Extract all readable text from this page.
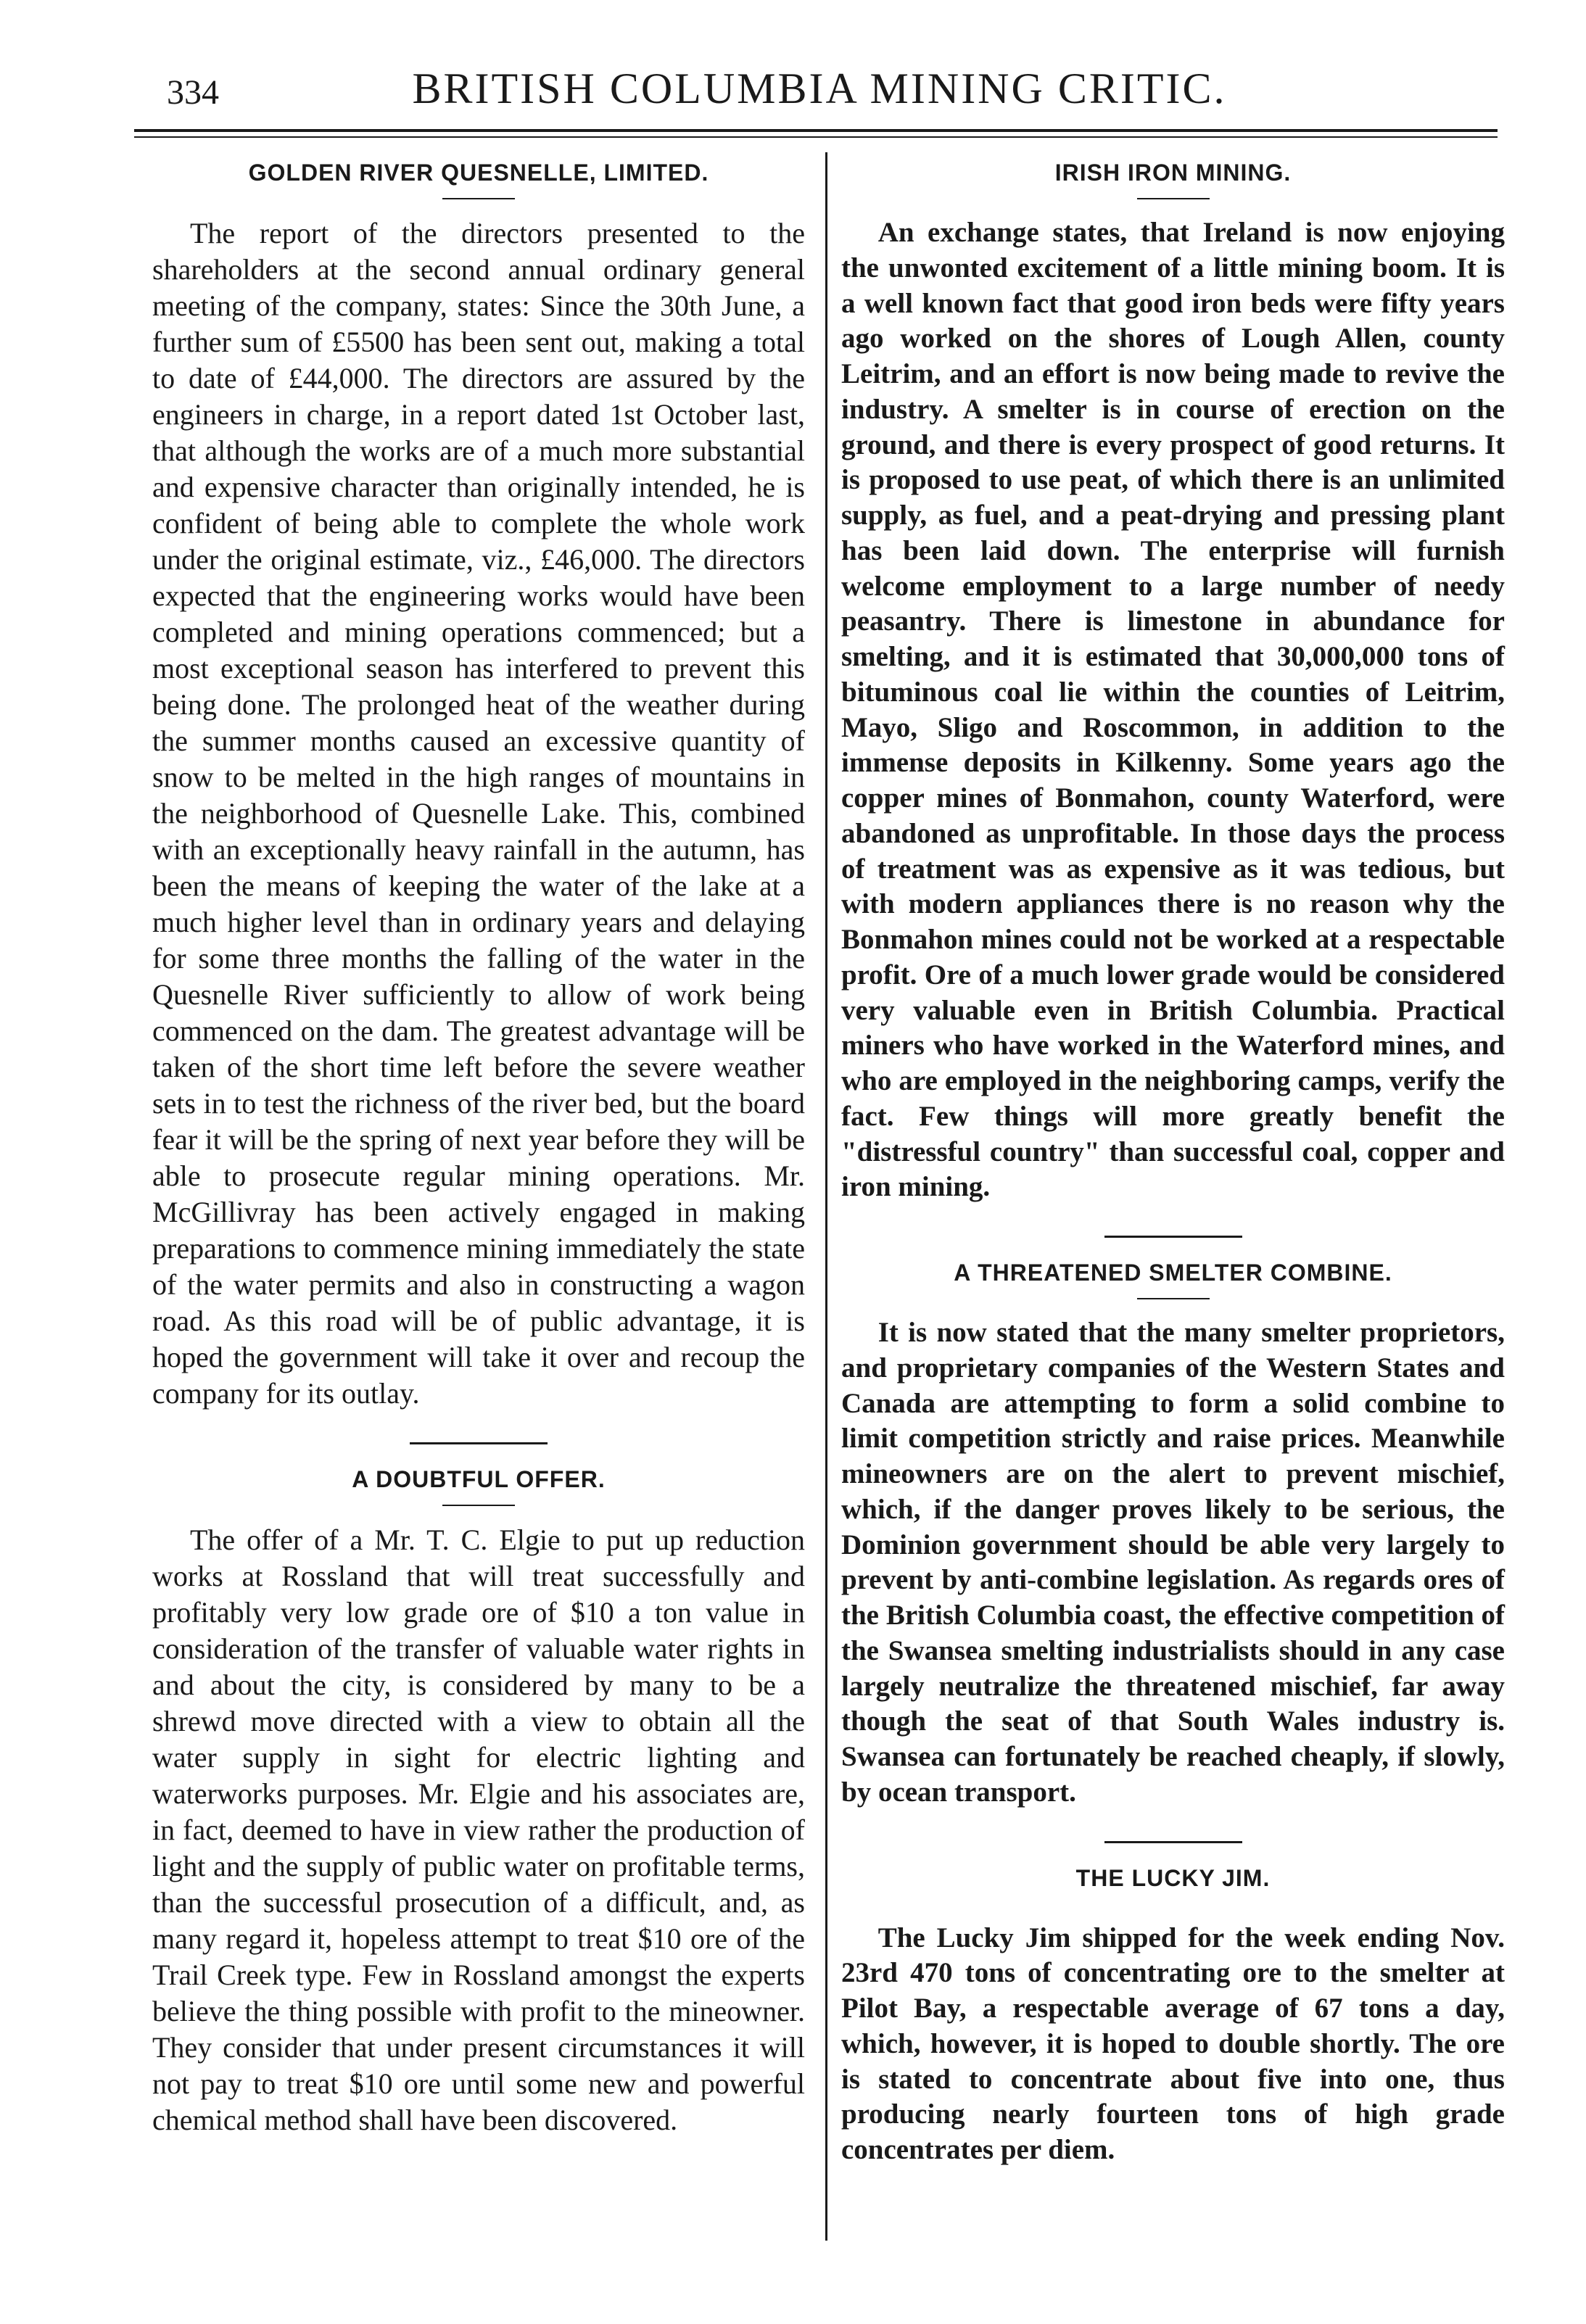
334	BRITISH COLUMBIA MINING CRITIC.
GOLDEN RIVER QUESNELLE, LIMITED.

The report of the directors presented to the shareholders at the second annual ordinary general meeting of the company, states: Since the 30th June, a further sum of £5500 has been sent out, making a total to date of £44,000. The directors are assured by the engineers in charge, in a report dated 1st October last, that although the works are of a much more substantial and expensive character than originally intended, he is confident of being able to complete the whole work under the original estimate, viz., £46,000. The directors expected that the engineering works would have been completed and mining operations commenced; but a most exceptional season has interfered to prevent this being done. The prolonged heat of the weather during the summer months caused an excessive quantity of snow to be melted in the high ranges of mountains in the neighborhood of Quesnelle Lake. This, combined with an exceptionally heavy rainfall in the autumn, has been the means of keeping the water of the lake at a much higher level than in ordinary years and delaying for some three months the falling of the water in the Quesnelle River sufficiently to allow of work being commenced on the dam. The greatest advantage will be taken of the short time left before the severe weather sets in to test the richness of the river bed, but the board fear it will be the spring of next year before they will be able to prosecute regular mining operations. Mr. McGillivray has been actively engaged in making preparations to commence mining immediately the state of the water permits and also in constructing a wagon road. As this road will be of public advantage, it is hoped the government will take it over and recoup the company for its outlay.

A DOUBTFUL OFFER.

The offer of a Mr. T. C. Elgie to put up reduction works at Rossland that will treat successfully and profitably very low grade ore of $10 a ton value in consideration of the transfer of valuable water rights in and about the city, is considered by many to be a shrewd move directed with a view to obtain all the water supply in sight for electric lighting and waterworks purposes. Mr. Elgie and his associates are, in fact, deemed to have in view rather the production of light and the supply of public water on profitable terms, than the successful prosecution of a difficult, and, as many regard it, hopeless attempt to treat $10 ore of the Trail Creek type. Few in Rossland amongst the experts believe the thing possible with profit to the mineowner. They consider that under present circumstances it will not pay to treat $10 ore until some new and powerful chemical method shall have been discovered.

IRISH IRON MINING.

An exchange states, that Ireland is now enjoying the unwonted excitement of a little mining boom. It is a well known fact that good iron beds were fifty years ago worked on the shores of Lough Allen, county Leitrim, and an effort is now being made to revive the industry. A smelter is in course of erection on the ground, and there is every prospect of good returns. It is proposed to use peat, of which there is an unlimited supply, as fuel, and a peat-drying and pressing plant has been laid down. The enterprise will furnish welcome employment to a large number of needy peasantry. There is limestone in abundance for smelting, and it is estimated that 30,000,000 tons of bituminous coal lie within the counties of Leitrim, Mayo, Sligo and Roscommon, in addition to the immense deposits in Kilkenny. Some years ago the copper mines of Bonmahon, county Waterford, were abandoned as unprofitable. In those days the process of treatment was as expensive as it was tedious, but with modern appliances there is no reason why the Bonmahon mines could not be worked at a respectable profit. Ore of a much lower grade would be considered very valuable even in British Columbia. Practical miners who have worked in the Waterford mines, and who are employed in the neighboring camps, verify the fact. Few things will more greatly benefit the "distressful country" than successful coal, copper and iron mining.

A THREATENED SMELTER COMBINE.

It is now stated that the many smelter proprietors, and proprietary companies of the Western States and Canada are attempting to form a solid combine to limit competition strictly and raise prices. Meanwhile mineowners are on the alert to prevent mischief, which, if the danger proves likely to be serious, the Dominion government should be able very largely to prevent by anti-combine legislation. As regards ores of the British Columbia coast, the effective competition of the Swansea smelting industrialists should in any case largely neutralize the threatened mischief, far away though the seat of that South Wales industry is. Swansea can fortunately be reached cheaply, if slowly, by ocean transport.

THE LUCKY JIM.

The Lucky Jim shipped for the week ending Nov. 23rd 470 tons of concentrating ore to the smelter at Pilot Bay, a respectable average of 67 tons a day, which, however, it is hoped to double shortly. The ore is stated to concentrate about five into one, thus producing nearly fourteen tons of high grade concentrates per diem.
